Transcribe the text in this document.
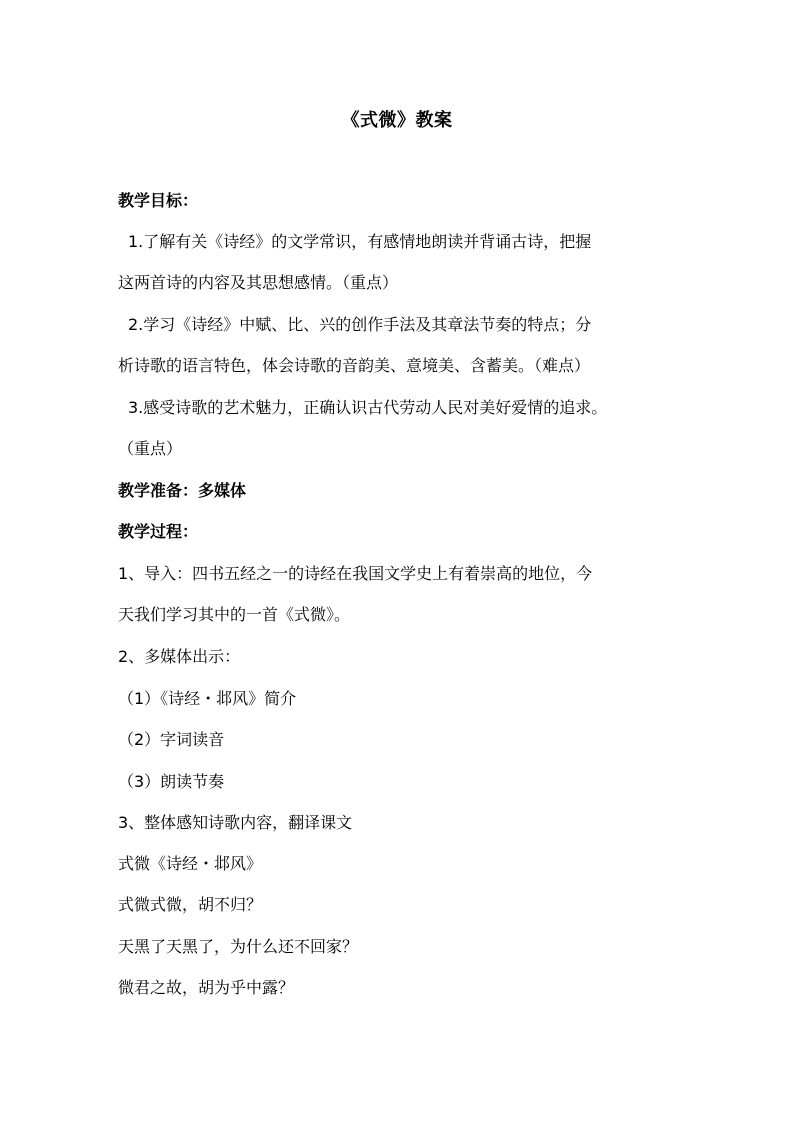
《式微》教案
教学目标：
1.了解有关《诗经》的文学常识，有感情地朗读并背诵古诗，把握
这两首诗的内容及其思想感情。（重点）
2.学习《诗经》中赋、比、兴的创作手法及其章法节奏的特点；分
析诗歌的语言特色，体会诗歌的音韵美、意境美、含蓄美。（难点）
3.感受诗歌的艺术魅力，正确认识古代劳动人民对美好爱情的追求。
（重点）
教学准备：多媒体
教学过程：
1、导入：四书五经之一的诗经在我国文学史上有着崇高的地位，今
天我们学习其中的一首《式微》。
2、多媒体出示：
（1）《诗经・邶风》简介
（2）字词读音
（3）朗读节奏
3、整体感知诗歌内容，翻译课文
式微《诗经・邶风》
式微式微，胡不归？
天黑了天黑了，为什么还不回家？
微君之故，胡为乎中露？
